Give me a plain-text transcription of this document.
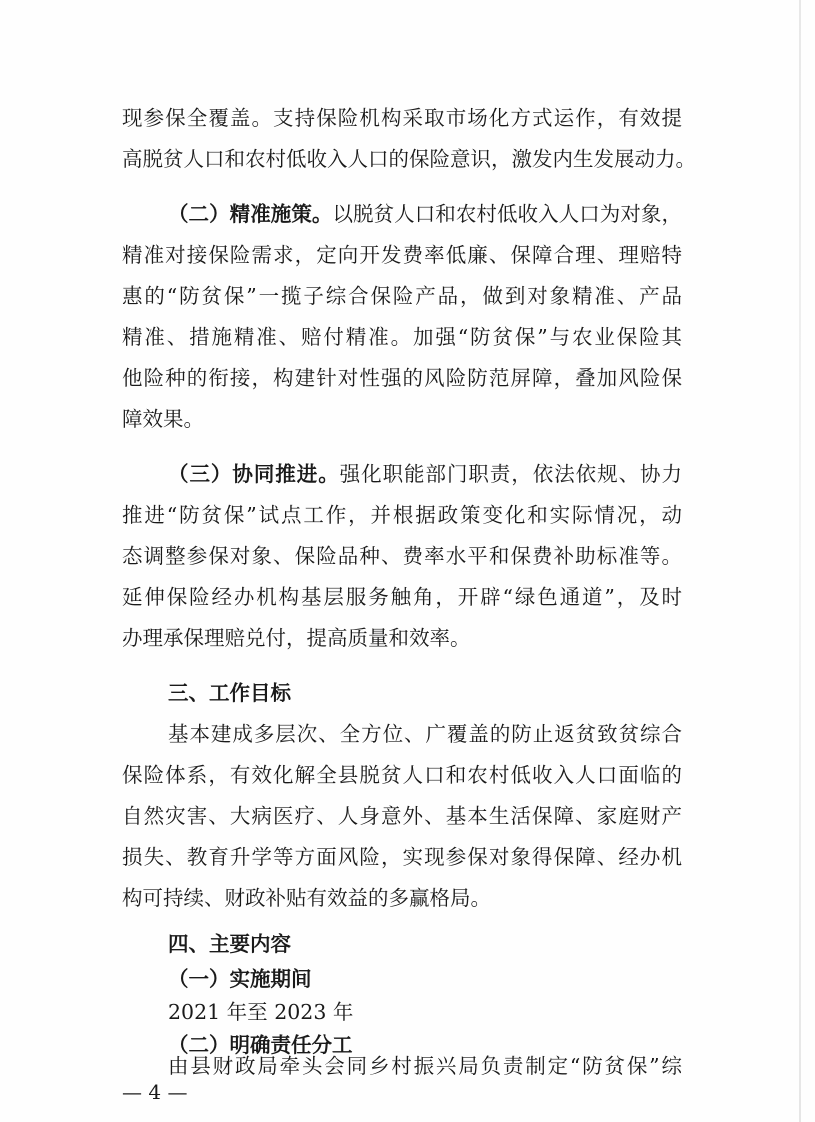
现参保全覆盖。支持保险机构采取市场化方式运作，有效提
高脱贫人口和农村低收入人口的保险意识，激发内生发展动力。
（二）精准施策。以脱贫人口和农村低收入人口为对象，
精准对接保险需求，定向开发费率低廉、保障合理、理赔特
惠的“防贫保”一揽子综合保险产品，做到对象精准、产品
精准、措施精准、赔付精准。加强“防贫保”与农业保险其
他险种的衔接，构建针对性强的风险防范屏障，叠加风险保
障效果。
（三）协同推进。强化职能部门职责，依法依规、协力
推进“防贫保”试点工作，并根据政策变化和实际情况，动
态调整参保对象、保险品种、费率水平和保费补助标准等。
延伸保险经办机构基层服务触角，开辟“绿色通道”，及时
办理承保理赔兑付，提高质量和效率。
三、工作目标
基本建成多层次、全方位、广覆盖的防止返贫致贫综合
保险体系，有效化解全县脱贫人口和农村低收入人口面临的
自然灾害、大病医疗、人身意外、基本生活保障、家庭财产
损失、教育升学等方面风险，实现参保对象得保障、经办机
构可持续、财政补贴有效益的多赢格局。
四、主要内容
（一）实施期间
2021 年至 2023 年
— 4 —
（二）明确责任分工
由县财政局牵头会同乡村振兴局负责制定“防贫保”综
